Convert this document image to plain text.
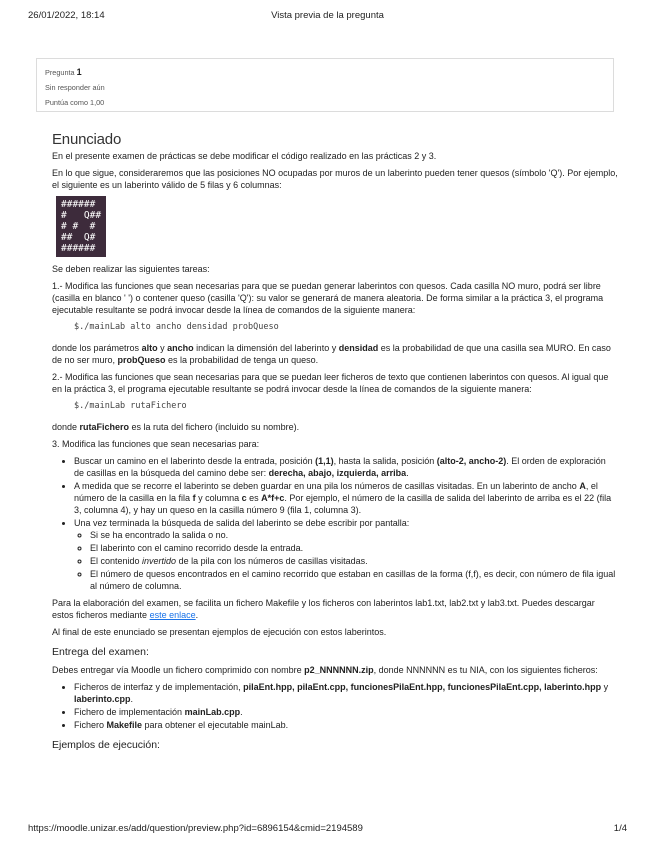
26/01/2022, 18:14	Vista previa de la pregunta
Pregunta 1
Sin responder aún
Puntúa como 1,00
Enunciado

En el presente examen de prácticas se debe modificar el código realizado en las prácticas 2 y 3.

En lo que sigue, consideraremos que las posiciones NO ocupadas por muros de un laberinto pueden tener quesos (símbolo 'Q'). Por ejemplo, el siguiente es un laberinto válido de 5 filas y 6 columnas:

######
#   Q##
# #  #
##  Q#
######

Se deben realizar las siguientes tareas:

1.- Modifica las funciones que sean necesarias para que se puedan generar laberintos con quesos. Cada casilla NO muro, podrá ser libre (casilla en blanco ' ') o contener queso (casilla 'Q'): su valor se generará de manera aleatoria. De forma similar a la práctica 3, el programa ejecutable resultante se podrá invocar desde la línea de comandos de la siguiente manera:

$./mainLab alto ancho densidad probQueso

donde los parámetros alto y ancho indican la dimensión del laberinto y densidad es la probabilidad de que una casilla sea MURO. En caso de no ser muro, probQueso es la probabilidad de tenga un queso.

2.- Modifica las funciones que sean necesarias para que se puedan leer ficheros de texto que contienen laberintos con quesos. Al igual que en la práctica 3, el programa ejecutable resultante se podrá invocar desde la línea de comandos de la siguiente manera:

$./mainLab rutaFichero

donde rutaFichero es la ruta del fichero (incluido su nombre).

3. Modifica las funciones que sean necesarias para:

• Buscar un camino en el laberinto desde la entrada, posición (1,1), hasta la salida, posición (alto-2, ancho-2). El orden de exploración de casillas en la búsqueda del camino debe ser: derecha, abajo, izquierda, arriba.
• A medida que se recorre el laberinto se deben guardar en una pila los números de casillas visitadas. En un laberinto de ancho A, el número de la casilla en la fila f y columna c es A*f+c. Por ejemplo, el número de la casilla de salida del laberinto de arriba es el 22 (fila 3, columna 4), y hay un queso en la casilla número 9 (fila 1, columna 3).
• Una vez terminada la búsqueda de salida del laberinto se debe escribir por pantalla:
◦ Si se ha encontrado la salida o no.
◦ El laberinto con el camino recorrido desde la entrada.
◦ El contenido invertido de la pila con los números de casillas visitadas.
◦ El número de quesos encontrados en el camino recorrido que estaban en casillas de la forma (f,f), es decir, con número de fila igual al número de columna.

Para la elaboración del examen, se facilita un fichero Makefile y los ficheros con laberintos lab1.txt, lab2.txt y lab3.txt. Puedes descargar estos ficheros mediante este enlace.

Al final de este enunciado se presentan ejemplos de ejecución con estos laberintos.

Entrega del examen:

Debes entregar vía Moodle un fichero comprimido con nombre p2_NNNNNN.zip, donde NNNNNN es tu NIA, con los siguientes ficheros:

• Ficheros de interfaz y de implementación, pilaEnt.hpp, pilaEnt.cpp, funcionesPilaEnt.hpp, funcionesPilaEnt.cpp, laberinto.hpp y laberinto.cpp.
• Fichero de implementación mainLab.cpp.
• Fichero Makefile para obtener el ejecutable mainLab.
Ejemplos de ejecución:
https://moodle.unizar.es/add/question/preview.php?id=6896154&cmid=2194589	1/4
